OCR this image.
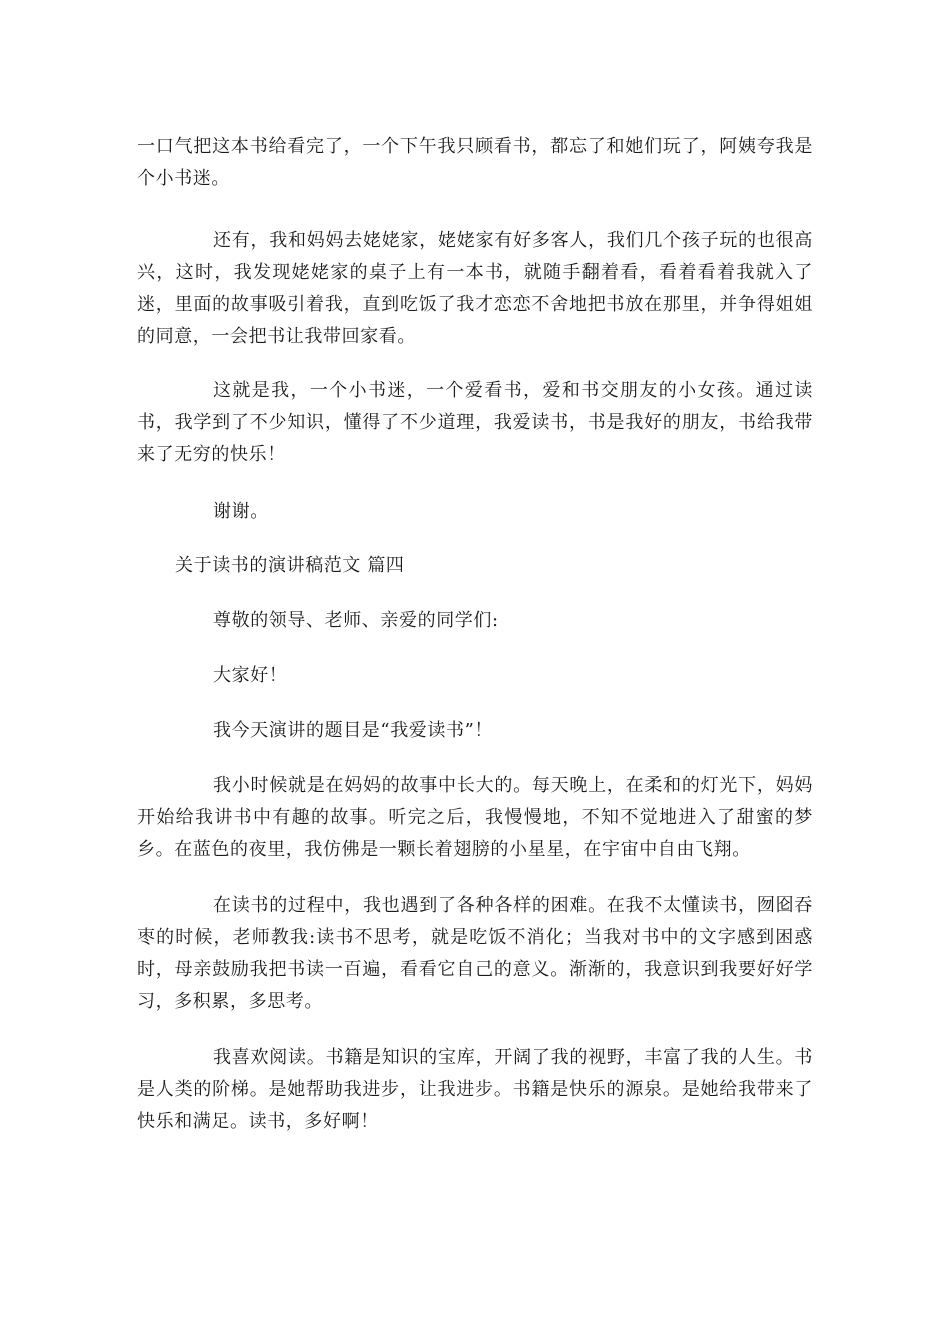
一口气把这本书给看完了，一个下午我只顾看书，都忘了和她们玩了，阿姨夸我是个小书迷。

还有，我和妈妈去姥姥家，姥姥家有好多客人，我们几个孩子玩的也很高兴，这时，我发现姥姥家的桌子上有一本书，就随手翻着看，看着看着我就入了迷，里面的故事吸引着我，直到吃饭了我才恋恋不舍地把书放在那里，并争得姐姐的同意，一会把书让我带回家看。

这就是我，一个小书迷，一个爱看书，爱和书交朋友的小女孩。通过读书，我学到了不少知识，懂得了不少道理，我爱读书，书是我好的朋友，书给我带来了无穷的快乐！

谢谢。

关于读书的演讲稿范文 篇四

尊敬的领导、老师、亲爱的同学们:

大家好！

我今天演讲的题目是“我爱读书”！

我小时候就是在妈妈的故事中长大的。每天晚上，在柔和的灯光下，妈妈开始给我讲书中有趣的故事。听完之后，我慢慢地，不知不觉地进入了甜蜜的梦乡。在蓝色的夜里，我仿佛是一颗长着翅膀的小星星，在宇宙中自由飞翔。

在读书的过程中，我也遇到了各种各样的困难。在我不太懂读书，囫囵吞枣的时候，老师教我:读书不思考，就是吃饭不消化；当我对书中的文字感到困惑时，母亲鼓励我把书读一百遍，看看它自己的意义。渐渐的，我意识到我要好好学习，多积累，多思考。

我喜欢阅读。书籍是知识的宝库，开阔了我的视野，丰富了我的人生。书是人类的阶梯。是她帮助我进步，让我进步。书籍是快乐的源泉。是她给我带来了快乐和满足。读书，多好啊！
